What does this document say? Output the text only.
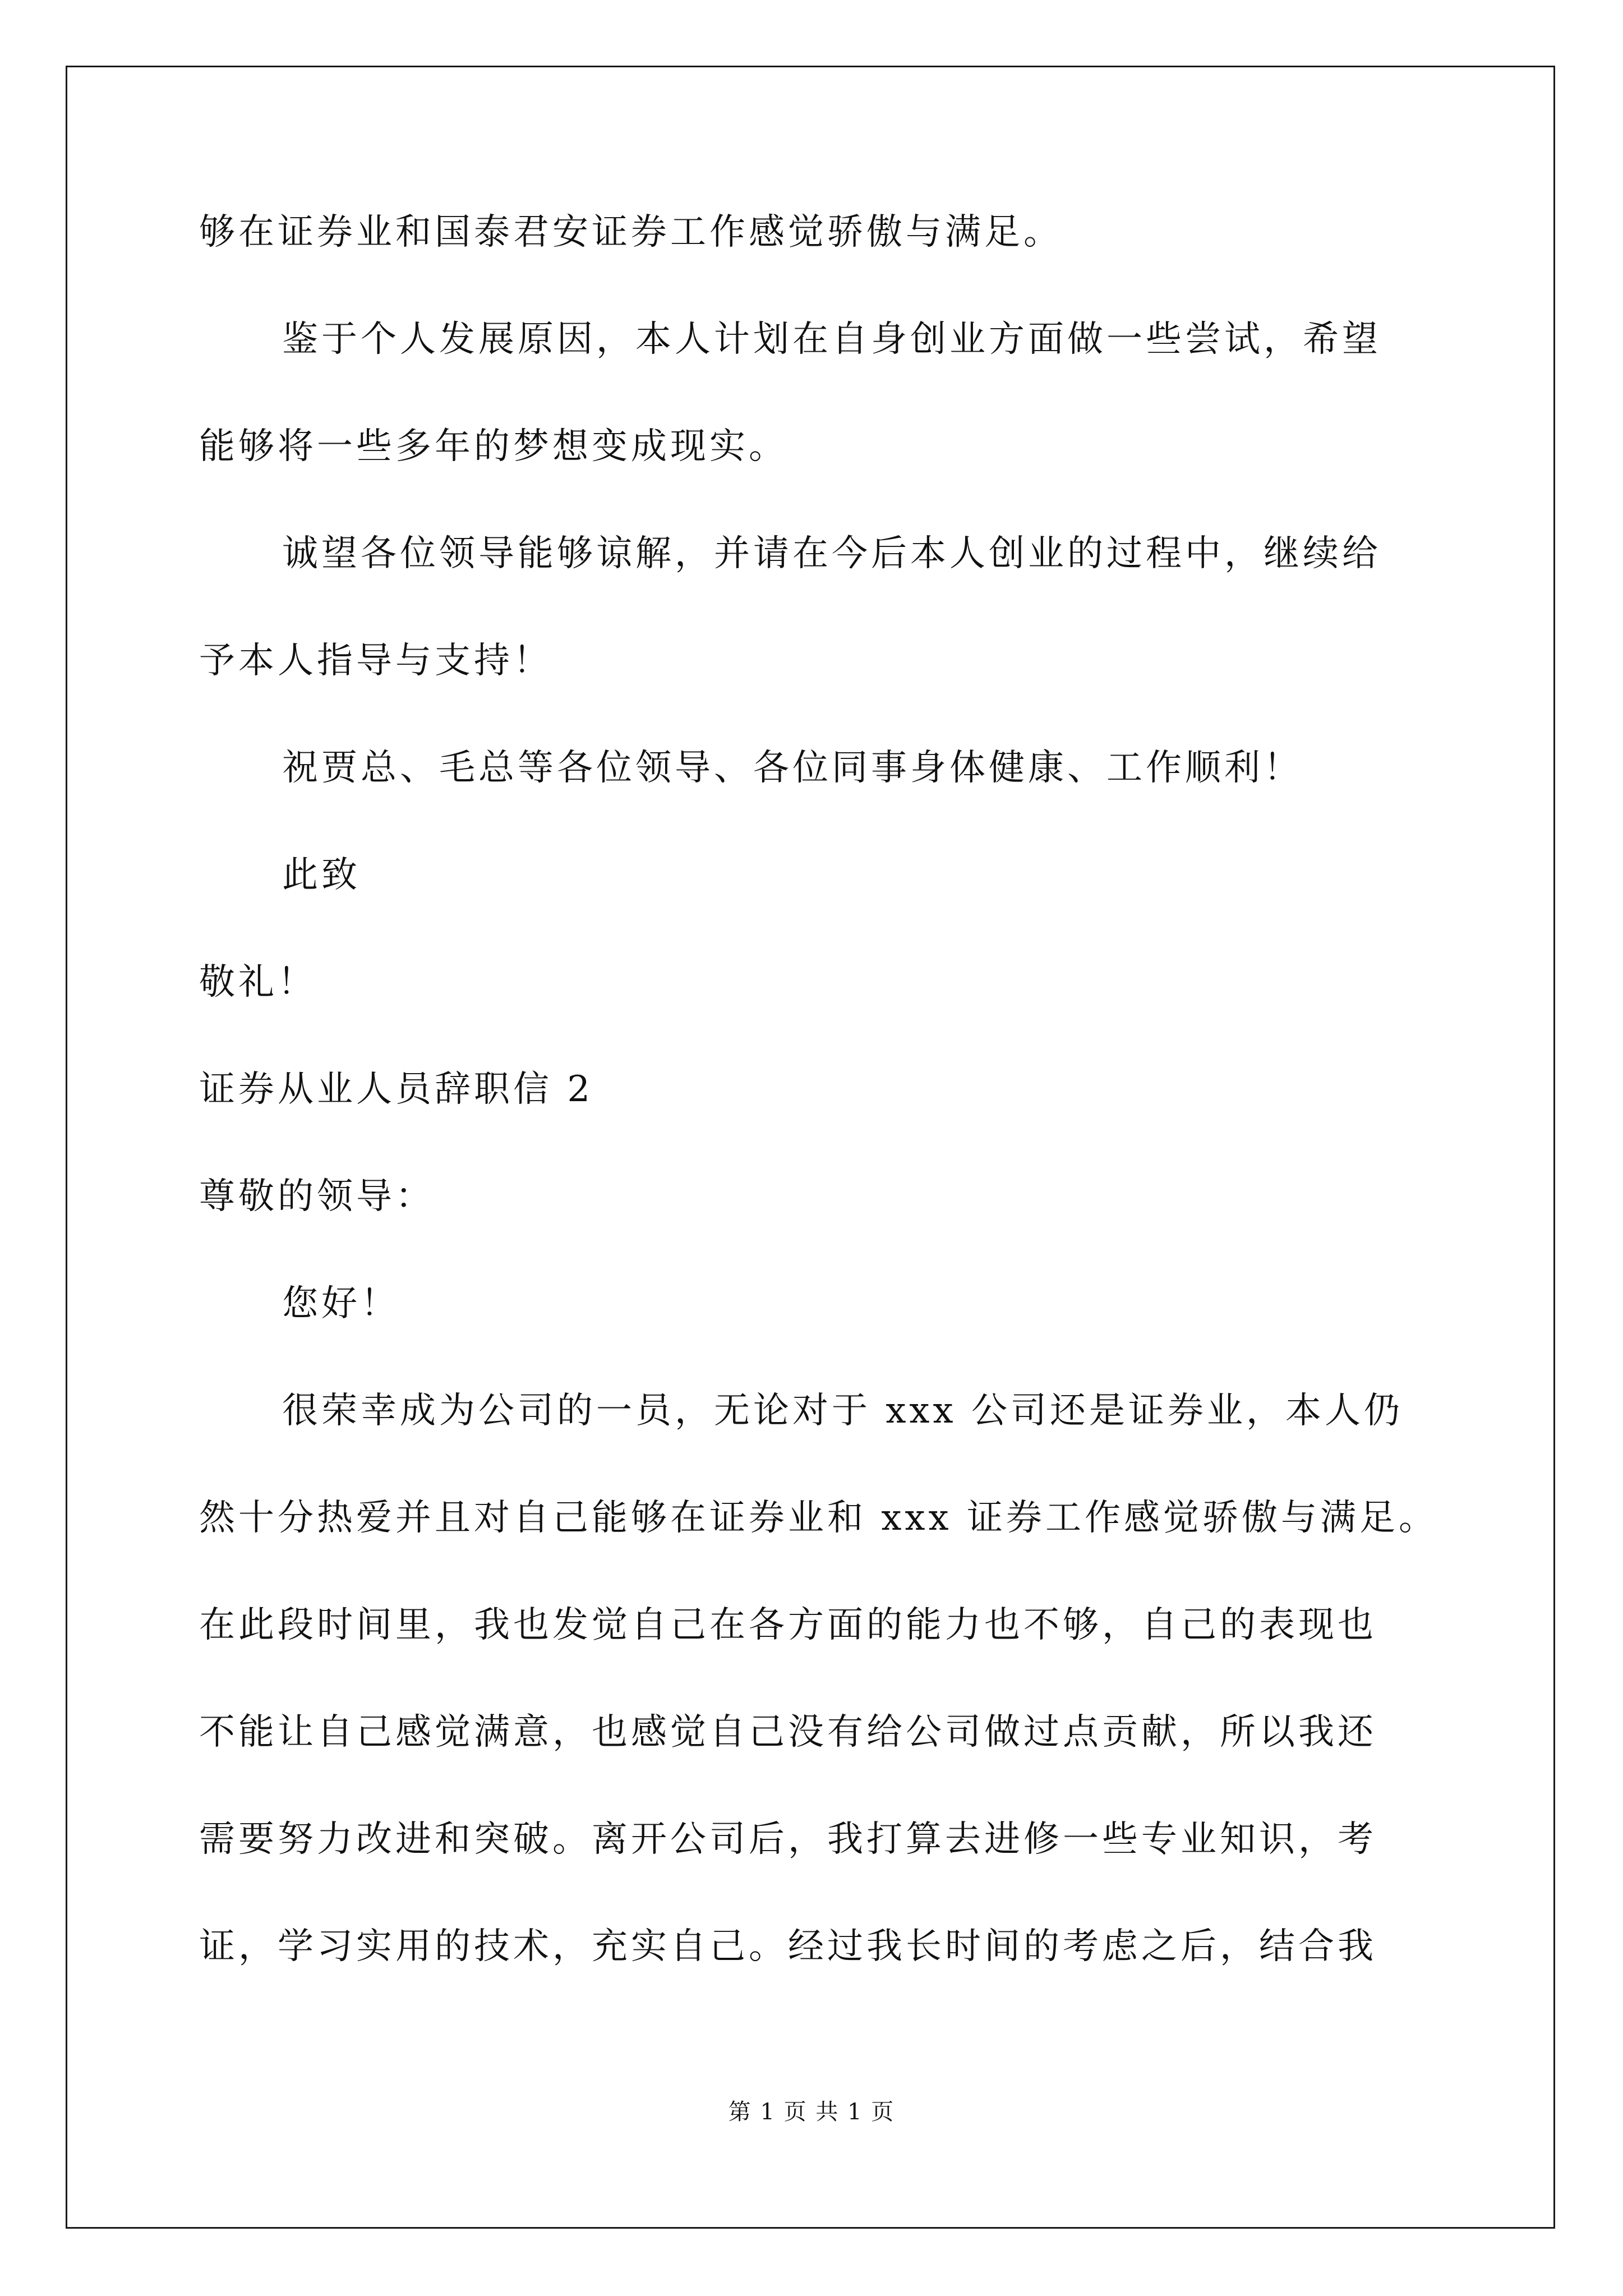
够在证券业和国泰君安证券工作感觉骄傲与满足。
鉴于个人发展原因，本人计划在自身创业方面做一些尝试，希望
能够将一些多年的梦想变成现实。
诚望各位领导能够谅解，并请在今后本人创业的过程中，继续给
予本人指导与支持！
祝贾总、毛总等各位领导、各位同事身体健康、工作顺利！
此致
敬礼！
证券从业人员辞职信 2
尊敬的领导：
您好！
很荣幸成为公司的一员，无论对于 xxx 公司还是证券业，本人仍
然十分热爱并且对自己能够在证券业和 xxx 证券工作感觉骄傲与满足。
在此段时间里，我也发觉自己在各方面的能力也不够，自己的表现也
不能让自己感觉满意，也感觉自己没有给公司做过点贡献，所以我还
需要努力改进和突破。离开公司后，我打算去进修一些专业知识，考
证，学习实用的技术，充实自己。经过我长时间的考虑之后，结合我
第 1 页 共 1 页
